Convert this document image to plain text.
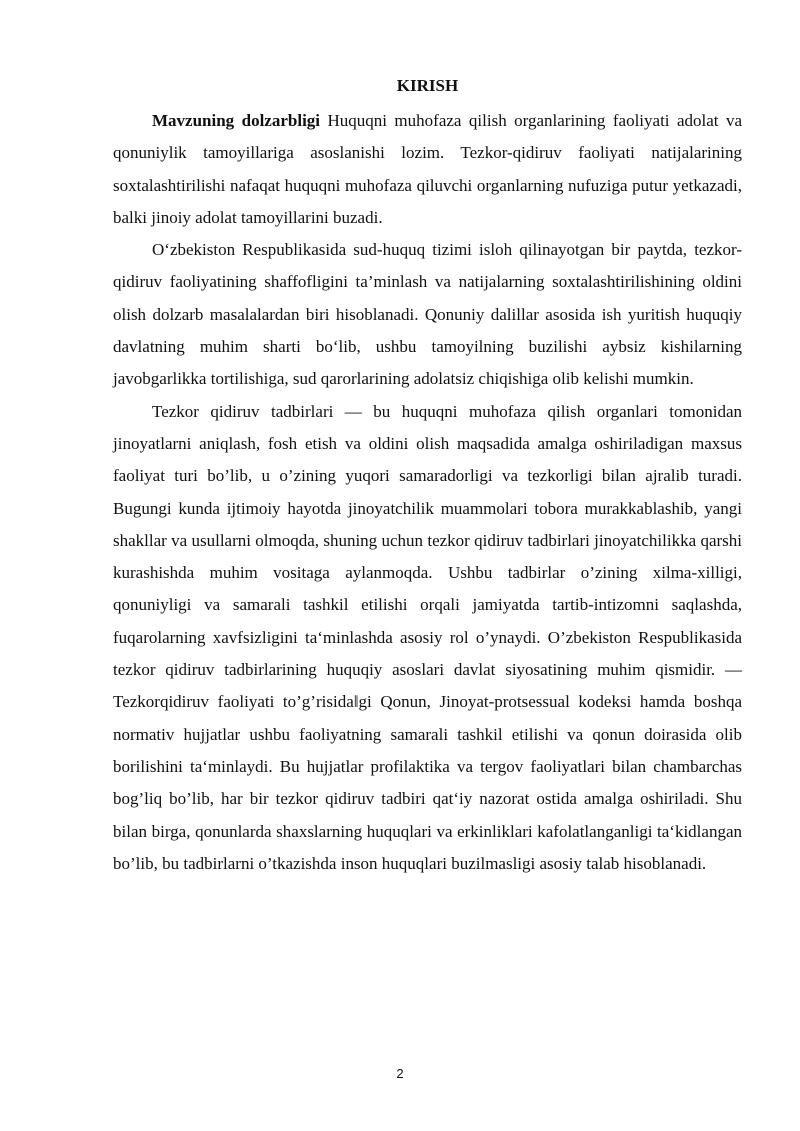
KIRISH

Mavzuning dolzarbligi Huquqni muhofaza qilish organlarining faoliyati adolat va qonuniylik tamoyillariga asoslanishi lozim. Tezkor-qidiruv faoliyati natijalarining soxtalashtirilishi nafaqat huquqni muhofaza qiluvchi organlarning nufuziga putur yetkazadi, balki jinoiy adolat tamoyillarini buzadi.

O‘zbekiston Respublikasida sud-huquq tizimi isloh qilinayotgan bir paytda, tezkor-qidiruv faoliyatining shaffofligini ta’minlash va natijalarning soxtalashtirilishining oldini olish dolzarb masalalardan biri hisoblanadi. Qonuniy dalillar asosida ish yuritish huquqiy davlatning muhim sharti bo‘lib, ushbu tamoyilning buzilishi aybsiz kishilarning javobgarlikka tortilishiga, sud qarorlarining adolatsiz chiqishiga olib kelishi mumkin.

Tezkor qidiruv tadbirlari — bu huquqni muhofaza qilish organlari tomonidan jinoyatlarni aniqlash, fosh etish va oldini olish maqsadida amalga oshiriladigan maxsus faoliyat turi bo’lib, u o’zining yuqori samaradorligi va tezkorligi bilan ajralib turadi. Bugungi kunda ijtimoiy hayotda jinoyatchilik muammolari tobora murakkablashib, yangi shakllar va usullarni olmoqda, shuning uchun tezkor qidiruv tadbirlari jinoyatchilikka qarshi kurashishda muhim vositaga aylanmoqda. Ushbu tadbirlar o’zining xilma-xilligi, qonuniyligi va samarali tashkil etilishi orqali jamiyatda tartib-intizomni saqlashda, fuqarolarning xavfsizligini ta‘minlashda asosiy rol o’ynaydi. O’zbekiston Respublikasida tezkor qidiruv tadbirlarining huquqiy asoslari davlat siyosatining muhim qismidir. —Tezkorqidiruv faoliyati to’g’risidaǁgi Qonun, Jinoyat-protsessual kodeksi hamda boshqa normativ hujjatlar ushbu faoliyatning samarali tashkil etilishi va qonun doirasida olib borilishini ta‘minlaydi. Bu hujjatlar profilaktika va tergov faoliyatlari bilan chambarchas bog’liq bo’lib, har bir tezkor qidiruv tadbiri qat‘iy nazorat ostida amalga oshiriladi. Shu bilan birga, qonunlarda shaxslarning huquqlari va erkinliklari kafolatlanganligi ta‘kidlangan bo’lib, bu tadbirlarni o’tkazishda inson huquqlari buzilmasligi asosiy talab hisoblanadi.

2
